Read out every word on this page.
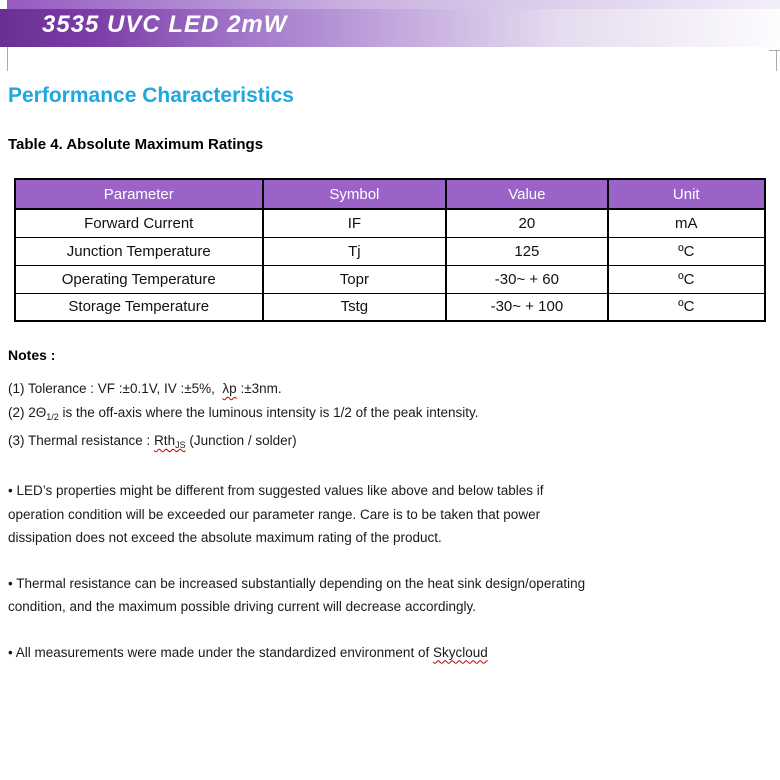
3535 UVC LED 2mW
Performance Characteristics
Table 4. Absolute Maximum Ratings
Parameter	Symbol	Value	Unit
Forward Current	IF	20	mA
Junction Temperature	Tj	125	ºC
Operating Temperature	Topr	-30~ + 60	ºC
Storage Temperature	Tstg	-30~ + 100	ºC
Notes :
(1) Tolerance : VF :±0.1V, IV :±5%,  λp :±3nm.
(2) $2\Theta_{1/2}$ is the off-axis where the luminous intensity is 1/2 of the peak intensity.
(3) Thermal resistance : Rth$_{JS}$ (Junction / solder)
• LED’s properties might be different from suggested values like above and below tables if
operation condition will be exceeded our parameter range. Care is to be taken that power
dissipation does not exceed the absolute maximum rating of the product.
• Thermal resistance can be increased substantially depending on the heat sink design/operating
condition, and the maximum possible driving current will decrease accordingly.
• All measurements were made under the standardized environment of Skycloud
